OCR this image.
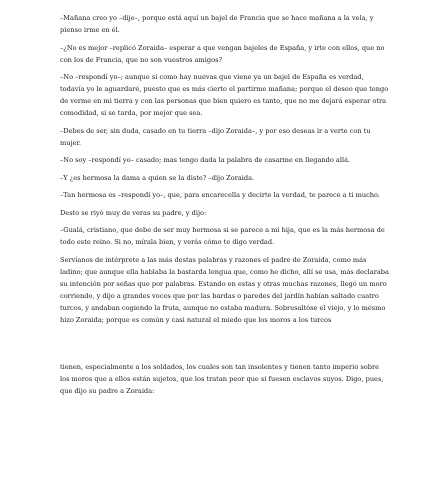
–Mañana creo yo –dije–, porque está aquí un bajel de Francia que se hace mañana a la vela, y pienso irme en él.

–¿No es mejor –replicó Zoraida– esperar a que vengan bajeles de España, y irte con ellos, que no con los de Francia, que no son vuestros amigos?

–No –respondí yo–; aunque si como hay nuevas que viene ya un bajel de España es verdad, todavía yo le aguardaré, puesto que es más cierto el partirme mañana; porque el deseo que tengo de verme en mi tierra y con las personas que bien quiero es tanto, que no me dejará esperar otra comodidad, si se tarda, por mejor que sea.

–Debes de ser, sin duda, casado en tu tierra –dijo Zoraida–, y por eso deseas ir a verte con tu mujer.

–No soy –respondí yo– casado; mas tengo dada la palabra de casarme en llegando allá.

–Y ¿es hermosa la dama a quien se la diste? –dijo Zoraida.

–Tan hermosa es –respondí yo–, que, para encarecella y decirte la verdad, te parece a ti mucho.

Desto se riyó muy de veras su padre, y dijo:

–Gualá, cristiano, que debe de ser muy hermosa si se parece a mi hija, que es la más hermosa de todo este reino. Si no, mírala bien, y verás cómo te digo verdad.

Servíanos de intérprete a las más destas palabras y razones el padre de Zoraida, como más ladino; que aunque ella hablaba la bastarda lengua que, como he dicho, allí se usa, más declaraba su intención por señas que por palabras. Estando en estas y otras muchas razones, llegó un moro corriendo, y dijo a grandes voces que por las bardas o paredes del jardín habían saltado cuatro turcos, y andaban cogiendo la fruta, aunque no estaba madura. Sobresaltóse el viejo, y lo mesmo hizo Zoraida; porque es común y casi natural el miedo que los moros a los turcos

tienen, especialmente a los soldados, los cuales son tan insolentes y tienen tanto imperio sobre los moros que a ellos están sujetos, que los tratan peor que si fuesen esclavos suyos. Digo, pues, que dijo su padre a Zoraida:
